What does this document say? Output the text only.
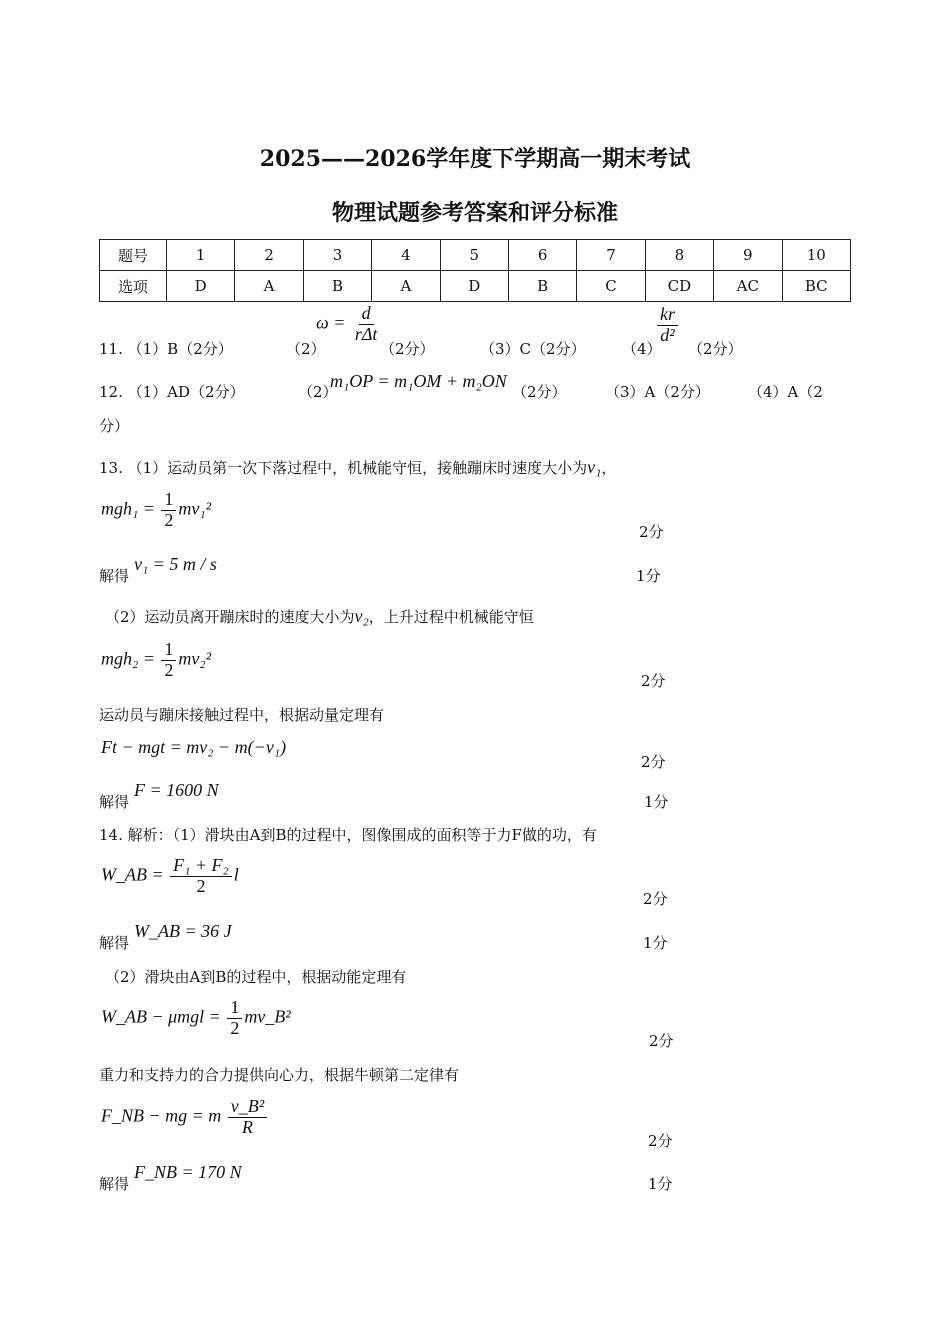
2025——2026学年度下学期高一期末考试
物理试题参考答案和评分标准
题号	1	2	3	4	5	6	7	8	9	10
选项	D	A	B	A	D	B	C	CD	AC	BC
11. （1）B（2分）	（2）
$\omega = \frac{d}{\text{rΔt}}$
（2分）	（3）C（2分） （4）
$\frac{kr}{\text{d²}}$
（2分）
12. （1）AD（2分）	（2）
m₁OP = m₁OM + m₂ON
（2分）	（3）A（2分）	（4）A（2
分）
13. （1）运动员第一次下落过程中，机械能守恒，接触蹦床时速度大小为v₁，
$mgh_1 = \frac{1}{2} mv_1^2$
2分
解得
v₁ = 5 m / s
1分
（2）运动员离开蹦床时的速度大小为v₂，上升过程中机械能守恒
$mgh_2 = \frac{1}{2} mv_2^2$
2分
运动员与蹦床接触过程中，根据动量定理有
Ft − mgt = mv₂ − m(−v₁)
2分
解得
F = 1600 N
1分
14. 解析：（1）滑块由A到B的过程中，图像围成的面积等于力F做的功，有
W_AB = $\frac{\text{F₁ + F₂}}{2}$ l
2分
解得
W_AB = 36 J
1分
（2）滑块由A到B的过程中，根据动能定理有
W_AB − $\mu mgl = \frac{1}{2}$ mv_B²
2分
重力和支持力的合力提供向心力，根据牛顿第二定律有
F_NB − mg = m $\frac{\text{v\_B²}}{R}$
2分
解得
F_NB = 170 N
1分
